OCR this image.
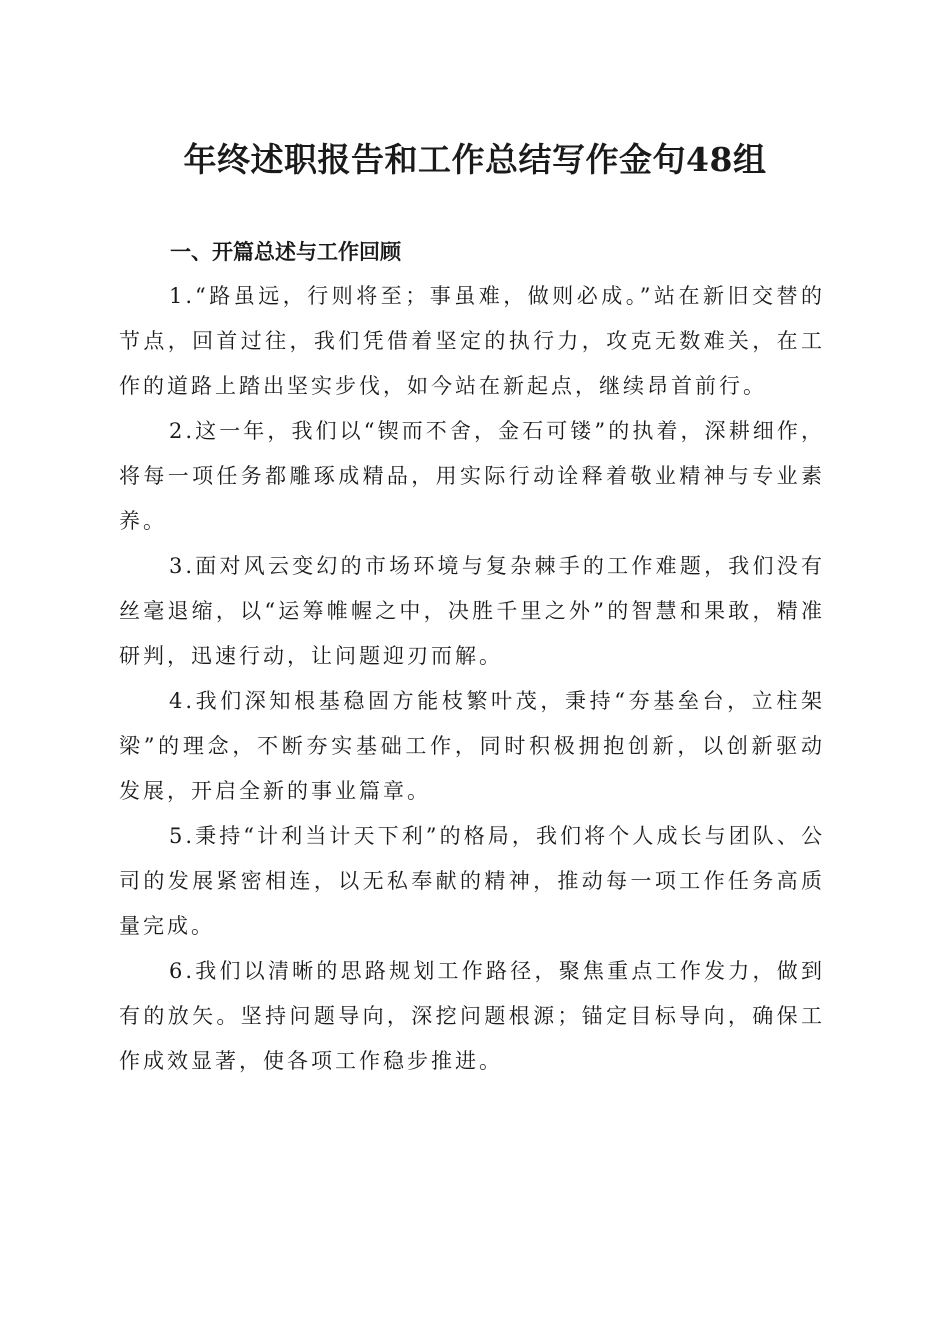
年终述职报告和工作总结写作金句48组
一、开篇总述与工作回顾

1.“路虽远，行则将至；事虽难，做则必成。”站在新旧交替的节点，回首过往，我们凭借着坚定的执行力，攻克无数难关，在工作的道路上踏出坚实步伐，如今站在新起点，继续昂首前行。

2.这一年，我们以“锲而不舍，金石可镂”的执着，深耕细作，将每一项任务都雕琢成精品，用实际行动诠释着敬业精神与专业素养。

3.面对风云变幻的市场环境与复杂棘手的工作难题，我们没有丝毫退缩，以“运筹帷幄之中，决胜千里之外”的智慧和果敢，精准研判，迅速行动，让问题迎刃而解。

4.我们深知根基稳固方能枝繁叶茂，秉持“夯基垒台，立柱架梁”的理念，不断夯实基础工作，同时积极拥抱创新，以创新驱动发展，开启全新的事业篇章。

5.秉持“计利当计天下利”的格局，我们将个人成长与团队、公司的发展紧密相连，以无私奉献的精神，推动每一项工作任务高质量完成。

6.我们以清晰的思路规划工作路径，聚焦重点工作发力，做到有的放矢。坚持问题导向，深挖问题根源；锚定目标导向，确保工作成效显著，使各项工作稳步推进。
